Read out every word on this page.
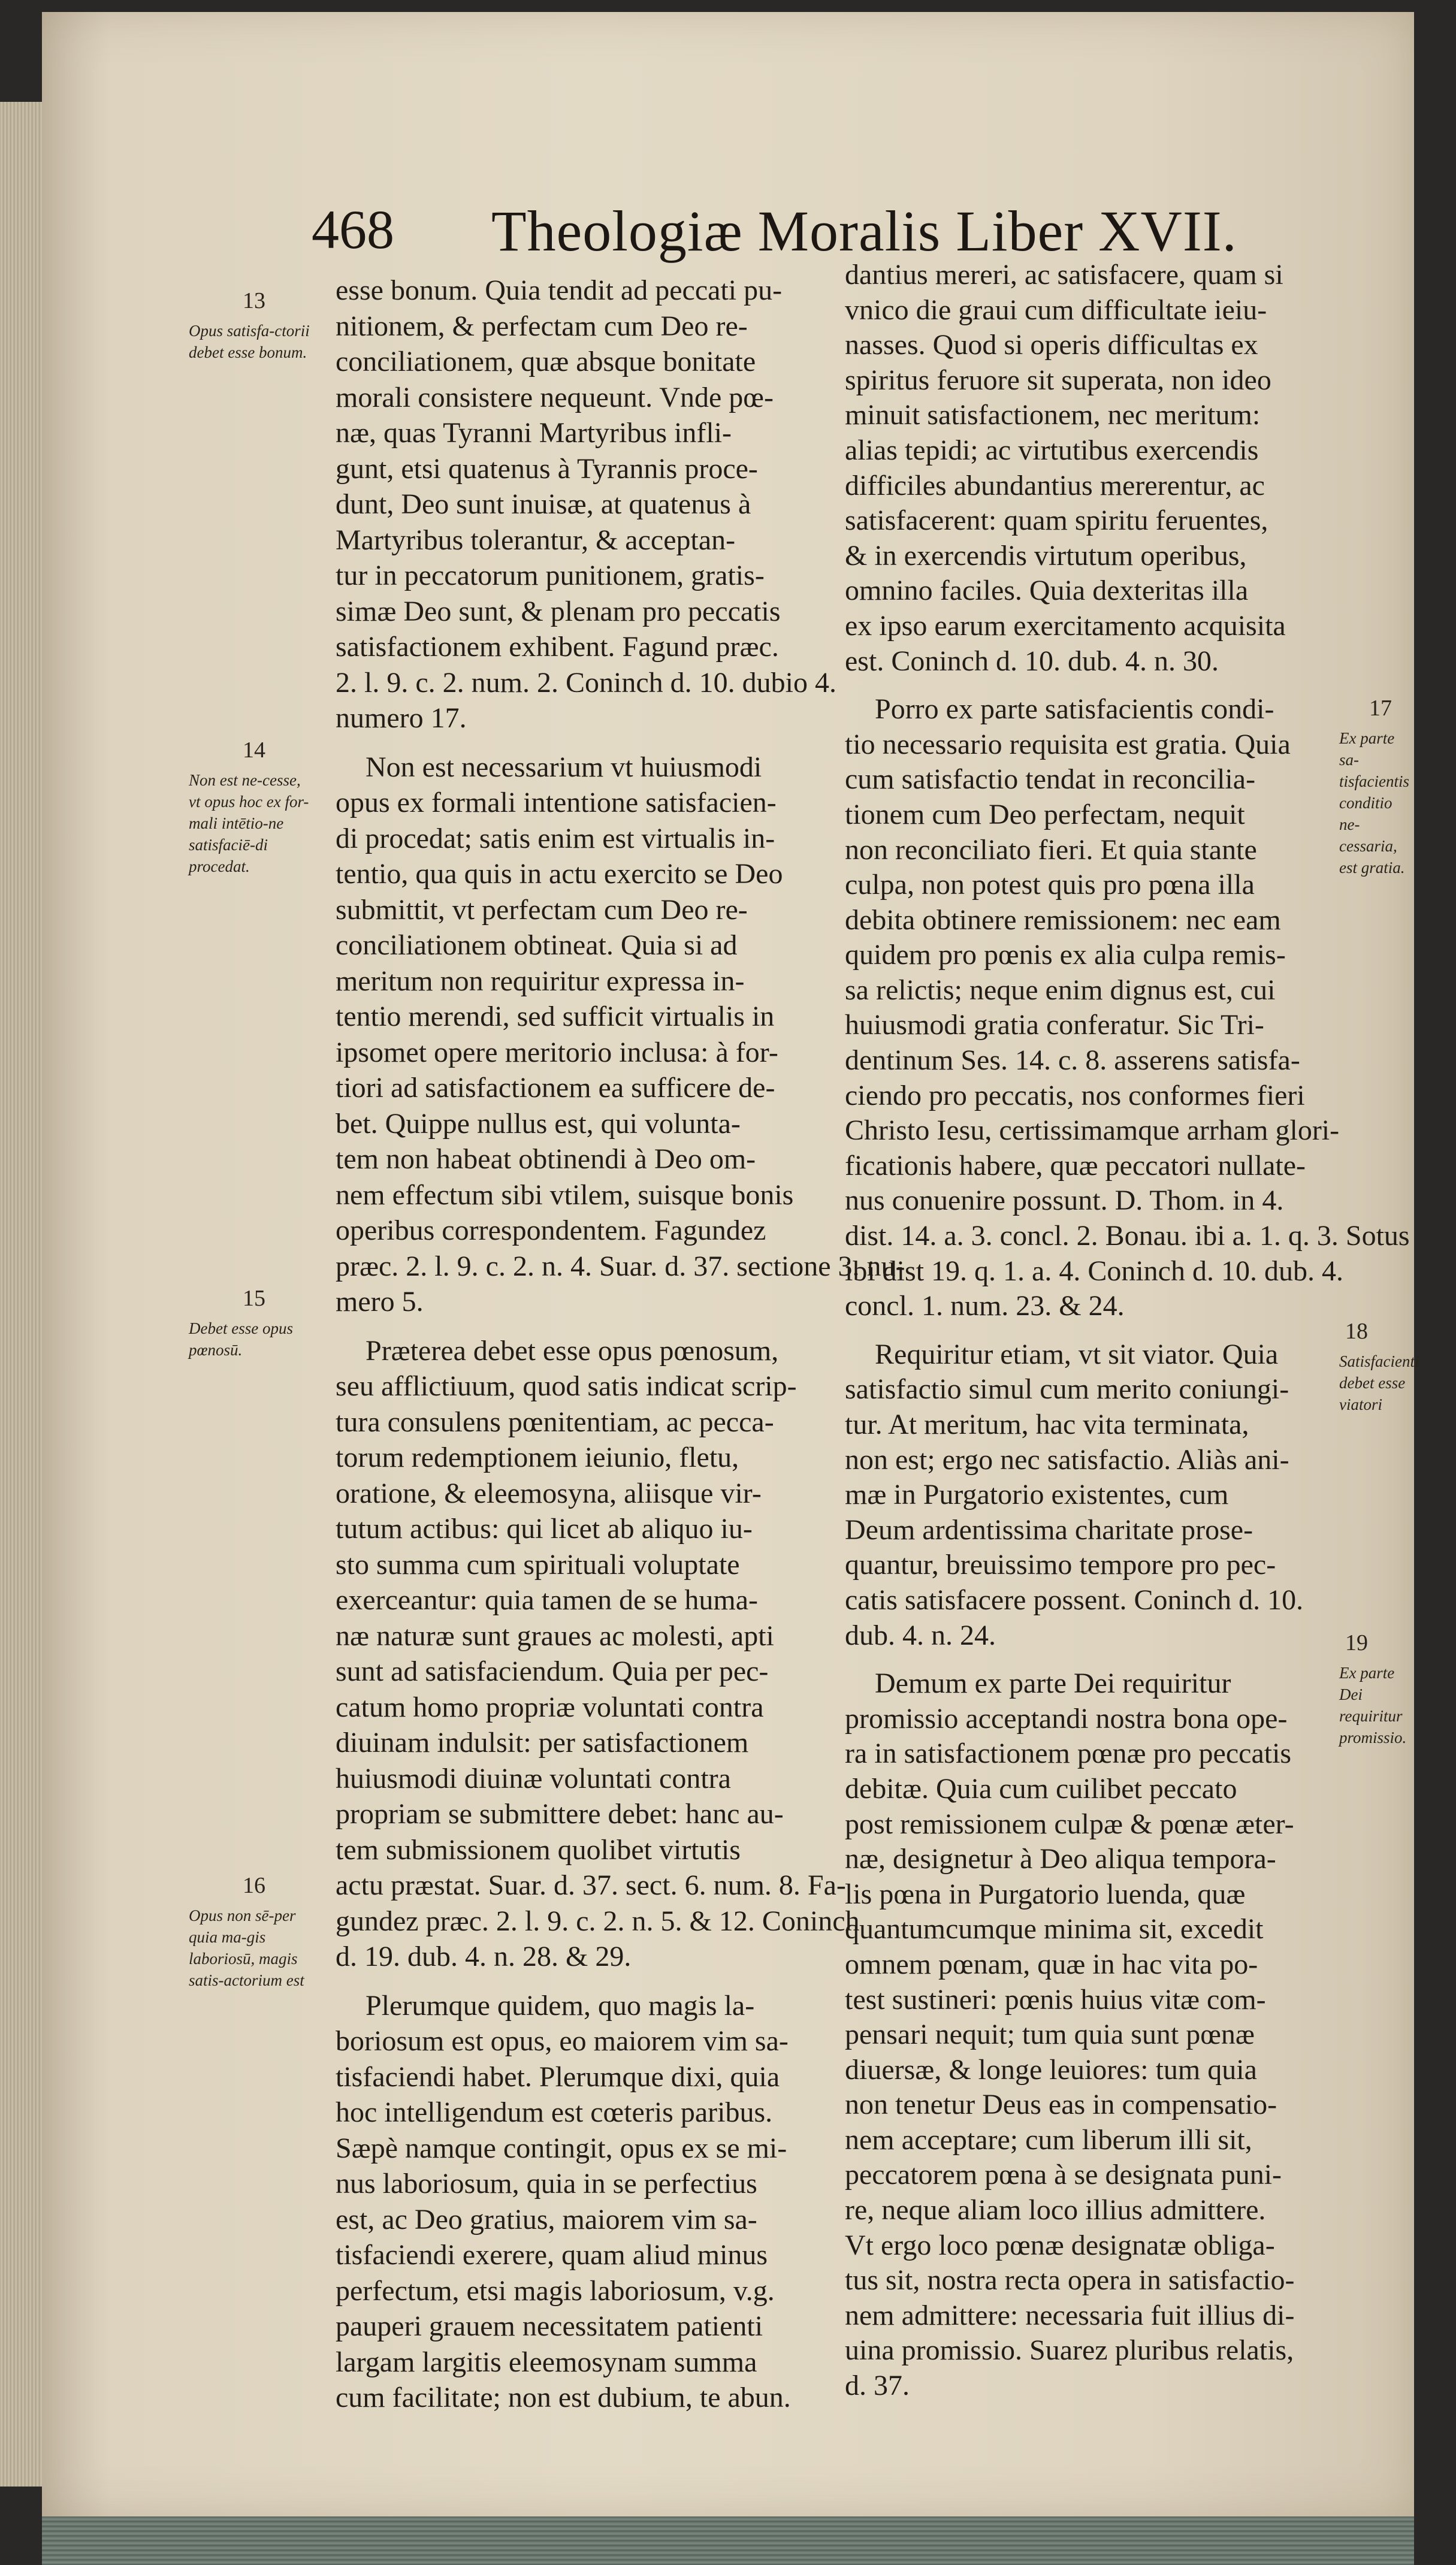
468 Theologiæ Moralis Liber XVII.
esse bonum. Quia tendit ad peccati pu-
nitionem, & perfectam cum Deo re-
conciliationem, quæ absque bonitate
morali consistere nequeunt. Vnde pœ-
næ, quas Tyranni Martyribus infli-
gunt, etsi quatenus à Tyrannis proce-
dunt, Deo sunt inuisæ, at quatenus à
Martyribus tolerantur, & acceptan-
tur in peccatorum punitionem, gratis-
simæ Deo sunt, & plenam pro peccatis
satisfactionem exhibent. Fagund præc.
2. l. 9. c. 2. num. 2. Coninch d. 10. dubio 4.
numero 17.
Non est necessarium vt huiusmodi
opus ex formali intentione satisfacien-
di procedat; satis enim est virtualis in-
tentio, qua quis in actu exercito se Deo
submittit, vt perfectam cum Deo re-
conciliationem obtineat. Quia si ad
meritum non requiritur expressa in-
tentio merendi, sed sufficit virtualis in
ipsomet opere meritorio inclusa: à for-
tiori ad satisfactionem ea sufficere de-
bet. Quippe nullus est, qui volunta-
tem non habeat obtinendi à Deo om-
nem effectum sibi vtilem, suisque bonis
operibus correspondentem. Fagundez
præc. 2. l. 9. c. 2. n. 4. Suar. d. 37. sectione 3. nu-
mero 5.
Præterea debet esse opus pœnosum,
seu afflictiuum, quod satis indicat scrip-
tura consulens pœnitentiam, ac pecca-
torum redemptionem ieiunio, fletu,
oratione, & eleemosyna, aliisque vir-
tutum actibus: qui licet ab aliquo iu-
sto summa cum spirituali voluptate
exerceantur: quia tamen de se huma-
næ naturæ sunt graues ac molesti, apti
sunt ad satisfaciendum. Quia per pec-
catum homo propriæ voluntati contra
diuinam indulsit: per satisfactionem
huiusmodi diuinæ voluntati contra
propriam se submittere debet: hanc au-
tem submissionem quolibet virtutis
actu præstat. Suar. d. 37. sect. 6. num. 8. Fa-
gundez præc. 2. l. 9. c. 2. n. 5. & 12. Coninch
d. 19. dub. 4. n. 28. & 29.
Plerumque quidem, quo magis la-
boriosum est opus, eo maiorem vim sa-
tisfaciendi habet. Plerumque dixi, quia
hoc intelligendum est cœteris paribus.
Sæpè namque contingit, opus ex se mi-
nus laboriosum, quia in se perfectius
est, ac Deo gratius, maiorem vim sa-
tisfaciendi exerere, quam aliud minus
perfectum, etsi magis laboriosum, v.g.
pauperi grauem necessitatem patienti
largam largitis eleemosynam summa
cum facilitate; non est dubium, te abun.
dantius mereri, ac satisfacere, quam si
vnico die graui cum difficultate ieiu-
nasses. Quod si operis difficultas ex
spiritus feruore sit superata, non ideo
minuit satisfactionem, nec meritum:
alias tepidi; ac virtutibus exercendis
difficiles abundantius mererentur, ac
satisfacerent: quam spiritu feruentes,
& in exercendis virtutum operibus,
omnino faciles. Quia dexteritas illa
ex ipso earum exercitamento acquisita
est. Coninch d. 10. dub. 4. n. 30.
Porro ex parte satisfacientis condi-
tio necessario requisita est gratia. Quia
cum satisfactio tendat in reconcilia-
tionem cum Deo perfectam, nequit
non reconciliato fieri. Et quia stante
culpa, non potest quis pro pœna illa
debita obtinere remissionem: nec eam
quidem pro pœnis ex alia culpa remis-
sa relictis; neque enim dignus est, cui
huiusmodi gratia conferatur. Sic Tri-
dentinum Ses. 14. c. 8. asserens satisfa-
ciendo pro peccatis, nos conformes fieri
Christo Iesu, certissimamque arrham glori-
ficationis habere, quæ peccatori nullate-
nus conuenire possunt. D. Thom. in 4.
dist. 14. a. 3. concl. 2. Bonau. ibi a. 1. q. 3. Sotus
ibi dist 19. q. 1. a. 4. Coninch d. 10. dub. 4.
concl. 1. num. 23. & 24.
Requiritur etiam, vt sit viator. Quia
satisfactio simul cum merito coniungi-
tur. At meritum, hac vita terminata,
non est; ergo nec satisfactio. Aliàs ani-
mæ in Purgatorio existentes, cum
Deum ardentissima charitate prose-
quantur, breuissimo tempore pro pec-
catis satisfacere possent. Coninch d. 10.
dub. 4. n. 24.
Demum ex parte Dei requiritur
promissio acceptandi nostra bona ope-
ra in satisfactionem pœnæ pro peccatis
debitæ. Quia cum cuilibet peccato
post remissionem culpæ & pœnæ æter-
næ, designetur à Deo aliqua tempora-
lis pœna in Purgatorio luenda, quæ
quantumcumque minima sit, excedit
omnem pœnam, quæ in hac vita po-
test sustineri: pœnis huius vitæ com-
pensari nequit; tum quia sunt pœnæ
diuersæ, & longe leuiores: tum quia
non tenetur Deus eas in compensatio-
nem acceptare; cum liberum illi sit,
peccatorem pœna à se designata puni-
re, neque aliam loco illius admittere.
Vt ergo loco pœnæ designatæ obliga-
tus sit, nostra recta opera in satisfactio-
nem admittere: necessaria fuit illius di-
uina promissio. Suarez pluribus relatis,
d. 37.
13
Opus satisfa-ctorii debet esse bonum.
14
Non est ne-cesse, vt opus hoc ex for-mali intētio-ne satisfaciē-di procedat.
15
Debet esse opus pœnosū.
16
Opus non sē-per quia ma-gis laboriosū, magis satis-actorium est
17
Ex parte sa-tisfacientis conditio ne-cessaria, est gratia.
18
Satisfacienti debet esse viatori
19
Ex parte Dei requiritur promissio.
